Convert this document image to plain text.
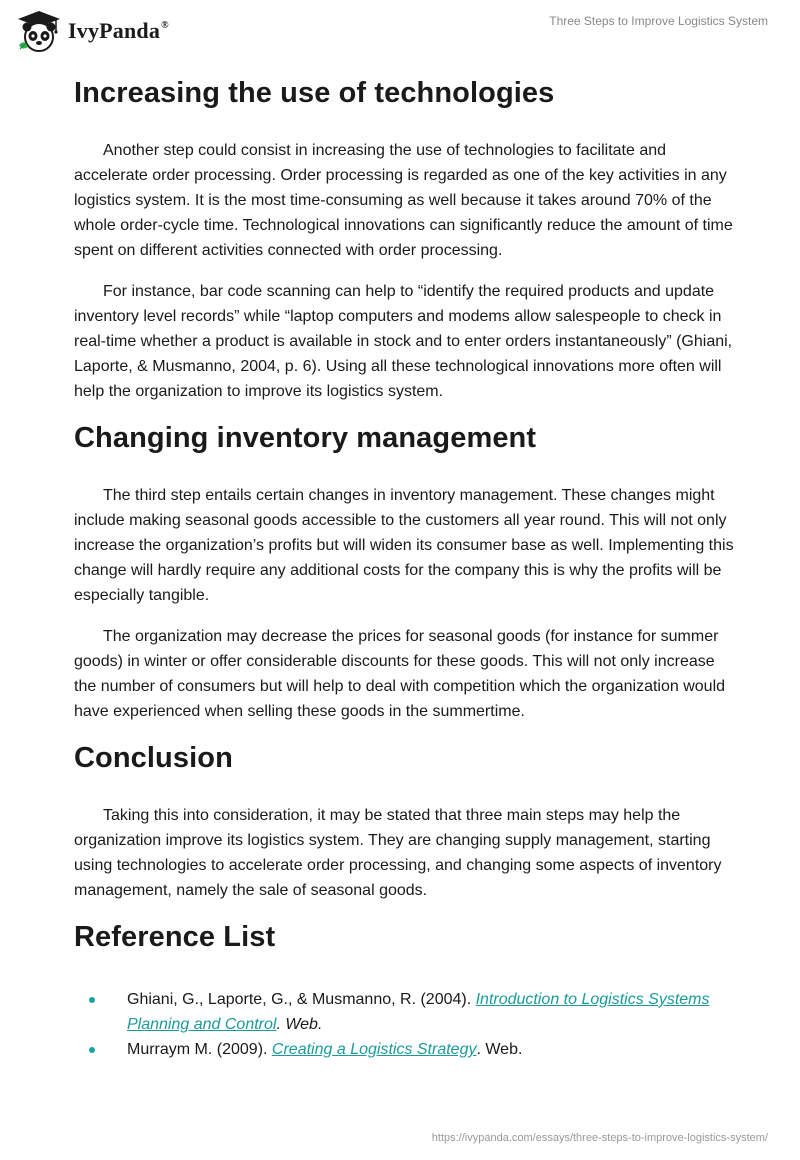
IvyPanda®	Three Steps to Improve Logistics System
Increasing the use of technologies

Another step could consist in increasing the use of technologies to facilitate and accelerate order processing. Order processing is regarded as one of the key activities in any logistics system. It is the most time-consuming as well because it takes around 70% of the whole order-cycle time. Technological innovations can significantly reduce the amount of time spent on different activities connected with order processing.

For instance, bar code scanning can help to “identify the required products and update inventory level records” while “laptop computers and modems allow salespeople to check in real-time whether a product is available in stock and to enter orders instantaneously” (Ghiani, Laporte, & Musmanno, 2004, p. 6). Using all these technological innovations more often will help the organization to improve its logistics system.

Changing inventory management

The third step entails certain changes in inventory management. These changes might include making seasonal goods accessible to the customers all year round. This will not only increase the organization’s profits but will widen its consumer base as well. Implementing this change will hardly require any additional costs for the company this is why the profits will be especially tangible.

The organization may decrease the prices for seasonal goods (for instance for summer goods) in winter or offer considerable discounts for these goods. This will not only increase the number of consumers but will help to deal with competition which the organization would have experienced when selling these goods in the summertime.

Conclusion

Taking this into consideration, it may be stated that three main steps may help the organization improve its logistics system. They are changing supply management, starting using technologies to accelerate order processing, and changing some aspects of inventory management, namely the sale of seasonal goods.

Reference List
Ghiani, G., Laporte, G., & Musmanno, R. (2004). Introduction to Logistics Systems Planning and Control. Web.
Murraym M. (2009). Creating a Logistics Strategy. Web.
https://ivypanda.com/essays/three-steps-to-improve-logistics-system/
